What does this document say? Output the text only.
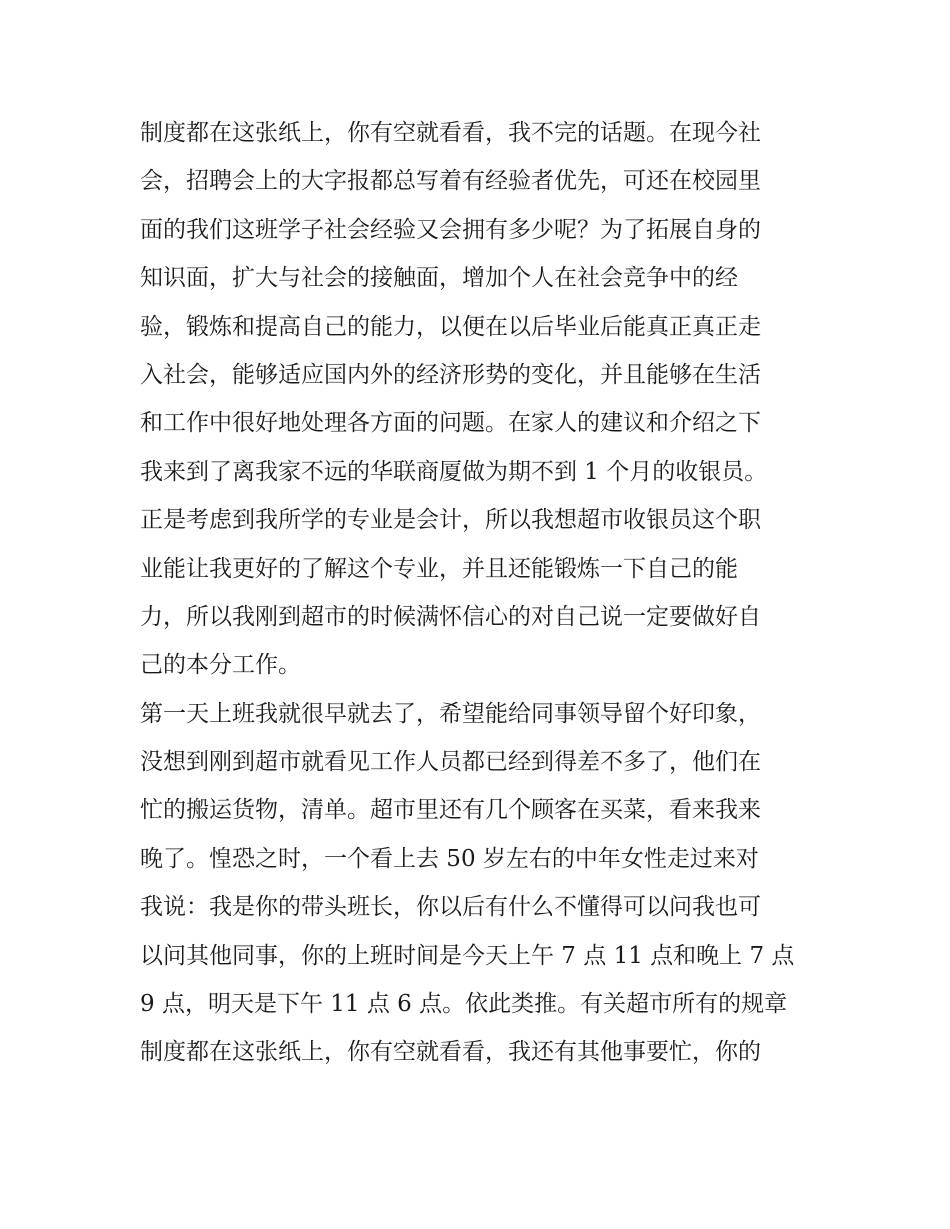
制度都在这张纸上，你有空就看看，我不完的话题。在现今社
会，招聘会上的大字报都总写着有经验者优先，可还在校园里
面的我们这班学子社会经验又会拥有多少呢？为了拓展自身的
知识面，扩大与社会的接触面，增加个人在社会竞争中的经
验，锻炼和提高自己的能力，以便在以后毕业后能真正真正走
入社会，能够适应国内外的经济形势的变化，并且能够在生活
和工作中很好地处理各方面的问题。在家人的建议和介绍之下
我来到了离我家不远的华联商厦做为期不到 1 个月的收银员。
正是考虑到我所学的专业是会计，所以我想超市收银员这个职
业能让我更好的了解这个专业，并且还能锻炼一下自己的能
力，所以我刚到超市的时候满怀信心的对自己说一定要做好自
己的本分工作。
第一天上班我就很早就去了，希望能给同事领导留个好印象，
没想到刚到超市就看见工作人员都已经到得差不多了，他们在
忙的搬运货物，清单。超市里还有几个顾客在买菜，看来我来
晚了。惶恐之时，一个看上去 50 岁左右的中年女性走过来对
我说：我是你的带头班长，你以后有什么不懂得可以问我也可
以问其他同事，你的上班时间是今天上午 7 点 11 点和晚上 7 点
9 点，明天是下午 11 点 6 点。依此类推。有关超市所有的规章
制度都在这张纸上，你有空就看看，我还有其他事要忙，你的
